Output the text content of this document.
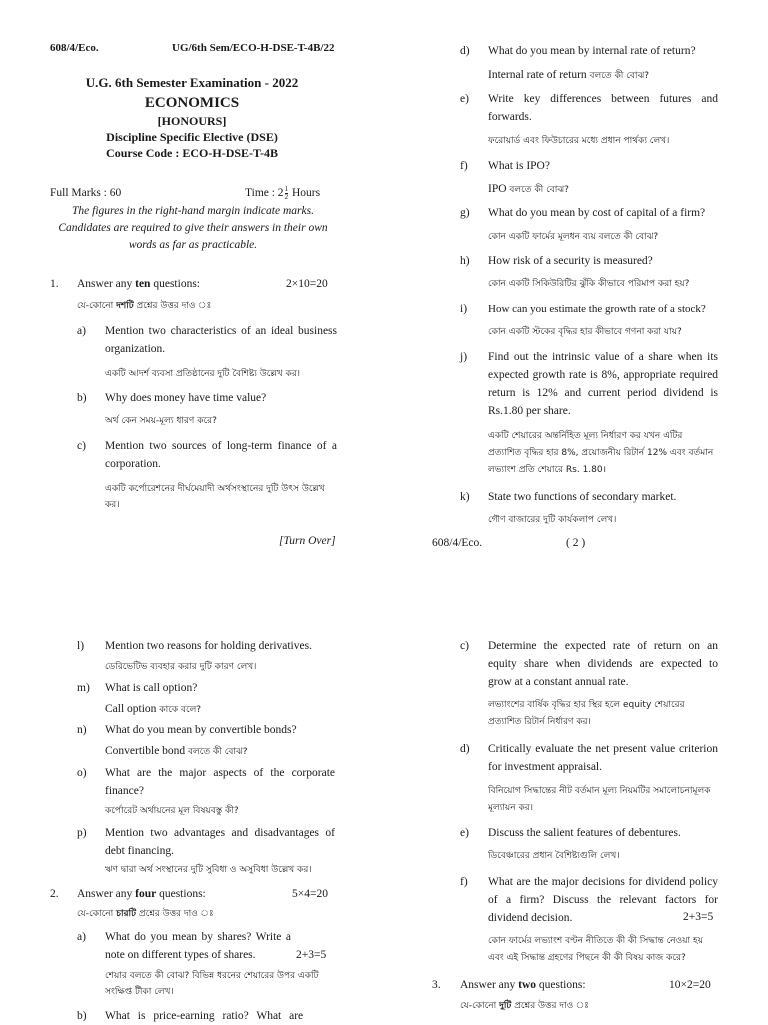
608/4/Eco.	UG/6th Sem/ECO-H-DSE-T-4B/22
U.G. 6th Semester Examination - 2022
ECONOMICS
[HONOURS]
Discipline Specific Elective (DSE)
Course Code : ECO-H-DSE-T-4B
Full Marks : 60	Time : $2 \frac{1}{2}$ Hours
The figures in the right-hand margin indicate marks. Candidates are required to give their answers in their own words as far as practicable.
1. Answer any ten questions:	2×10=20
যে-কোনো দশটি প্রশ্নের উত্তর দাও ঃ
a) Mention two characteristics of an ideal business organization.
একটি আদর্শ ব্যবসা প্রতিষ্ঠানের দুটি বৈশিষ্ট্য উল্লেখ কর।
b) Why does money have time value?
অর্থ কেন সময়-মূল্য ধারণ করে?
c) Mention two sources of long-term finance of a corporation.
একটি কর্পোরেশনের দীর্ঘমেয়াদী অর্থসংস্থানের দুটি উৎস উল্লেখ কর।
[Turn Over]
d) What do you mean by internal rate of return?
Internal rate of return বলতে কী বোঝ?
e) Write key differences between futures and forwards.
ফরোয়ার্ড এবং ফিউচারের মধ্যে প্রধান পার্থক্য লেখ।
f) What is IPO?
IPO বলতে কী বোঝ?
g) What do you mean by cost of capital of a firm?
কোন একটি ফার্মের মূলধন ব্যয় বলতে কী বোঝ?
h) How risk of a security is measured?
কোন একটি সিকিউরিটির ঝুঁকি কীভাবে পরিমাপ করা হয়?
i) How can you estimate the growth rate of a stock?
কোন একটি স্টকের বৃদ্ধির হার কীভাবে গণনা করা যায়?
j) Find out the intrinsic value of a share when its expected growth rate is 8%, appropriate required return is 12% and current period dividend is Rs.1.80 per share.
একটি শেয়ারের অন্তর্নিহিত মূল্য নির্ধারণ কর যখন এটির প্রত্যাশিত বৃদ্ধির হার 8%, প্রয়োজনীয় রিটার্ন 12% এবং বর্তমান লভ্যাংশ প্রতি শেয়ারে Rs. 1.80।
k) State two functions of secondary market.
গৌণ বাজারের দুটি কার্যকলাপ লেখ।
608/4/Eco.	( 2 )
l) Mention two reasons for holding derivatives.
ডেরিভেটিভ ব্যবহার করার দুটি কারণ লেখ।
m) What is call option?
Call option কাকে বলে?
n) What do you mean by convertible bonds?
Convertible bond বলতে কী বোঝ?
o) What are the major aspects of the corporate finance?
কর্পোরেট অর্থায়নের মূল বিষয়বস্তু কী?
p) Mention two advantages and disadvantages of debt financing.
ঋণ দ্বারা অর্থ সংস্থানের দুটি সুবিধা ও অসুবিধা উল্লেখ কর।
2. Answer any four questions:	5×4=20
যে-কোনো চারটি প্রশ্নের উত্তর দাও ঃ
a) What do you mean by shares? Write a note on different types of shares.	2+3=5
শেয়ার বলতে কী বোঝ? বিভিন্ন ধরনের শেয়ারের উপর একটি সংক্ষিপ্ত টীকা লেখ।
b) What is price-earning ratio? What are
c) Determine the expected rate of return on an equity share when dividends are expected to grow at a constant annual rate.
লভ্যাংশের বার্ষিক বৃদ্ধির হার স্থির হলে equity শেয়ারের প্রত্যাশিত রিটার্ন নির্ধারণ কর।
d) Critically evaluate the net present value criterion for investment appraisal.
বিনিয়োগ সিদ্ধান্তের নীট বর্তমান মূল্য নিয়মটির সমালোচনামূলক মূল্যায়ন কর।
e) Discuss the salient features of debentures.
ডিবেঞ্চারের প্রধান বৈশিষ্ট্যগুলি লেখ।
f) What are the major decisions for dividend policy of a firm? Discuss the relevant factors for dividend decision.	2+3=5
কোন ফার্মের লভ্যাংশ বণ্টন নীতিতে কী কী সিদ্ধান্ত নেওয়া হয় এবং এই সিদ্ধান্ত গ্রহণের পিছনে কী কী বিষয় কাজ করে?
3. Answer any two questions:	10×2=20
যে-কোনো দুটি প্রশ্নের উত্তর দাও ঃ
